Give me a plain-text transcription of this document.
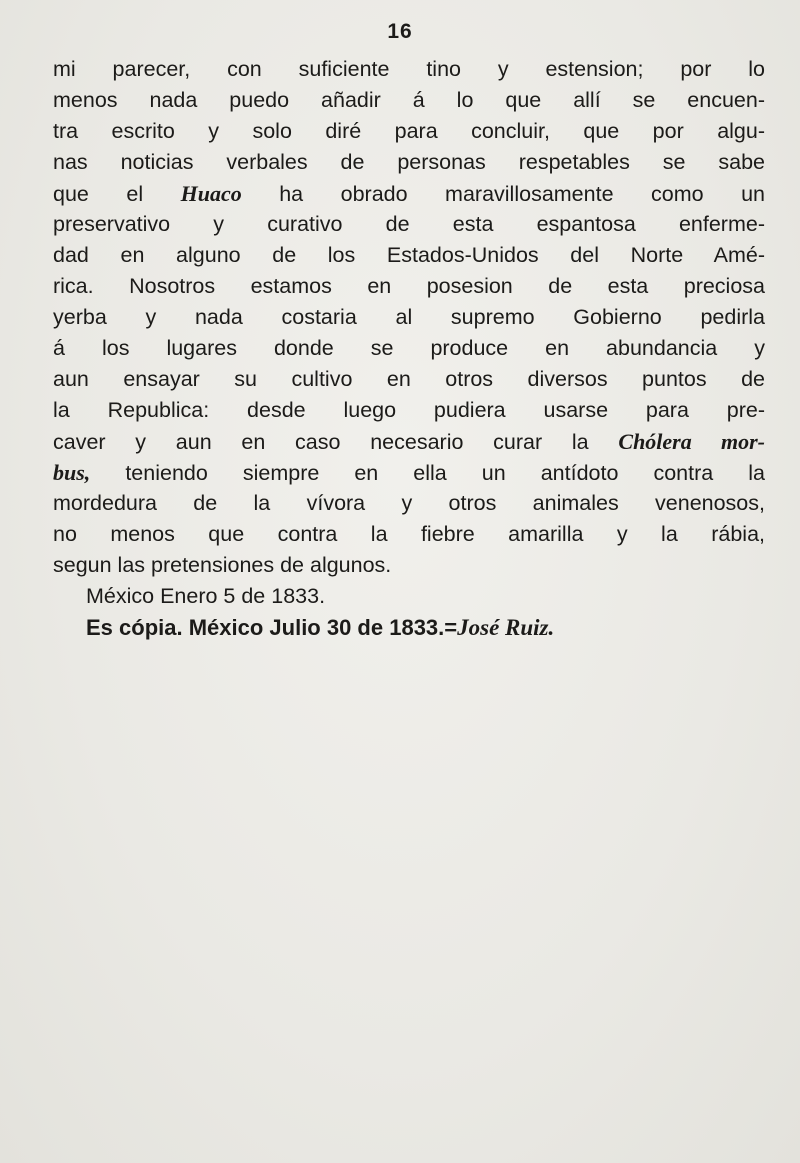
16
mi parecer, con suficiente tino y estension; por lo
menos nada puedo añadir á lo que allí se encuen-
tra escrito y solo diré para concluir, que por algu-
nas noticias verbales de personas respetables se sabe
que el Huaco ha obrado maravillosamente como un
preservativo y curativo de esta espantosa enferme-
dad en alguno de los Estados-Unidos del Norte Amé-
rica. Nosotros estamos en posesion de esta preciosa
yerba y nada costaria al supremo Gobierno pedirla
á los lugares donde se produce en abundancia y
aun ensayar su cultivo en otros diversos puntos de
la Republica: desde luego pudiera usarse para pre-
caver y aun en caso necesario curar la Chólera mor-
bus, teniendo siempre en ella un antídoto contra la
mordedura de la vívora y otros animales venenosos,
no menos que contra la fiebre amarilla y la rábia,
segun las pretensiones de algunos.
México Enero 5 de 1833.
Es cópia. México Julio 30 de 1833.=José Ruiz.
